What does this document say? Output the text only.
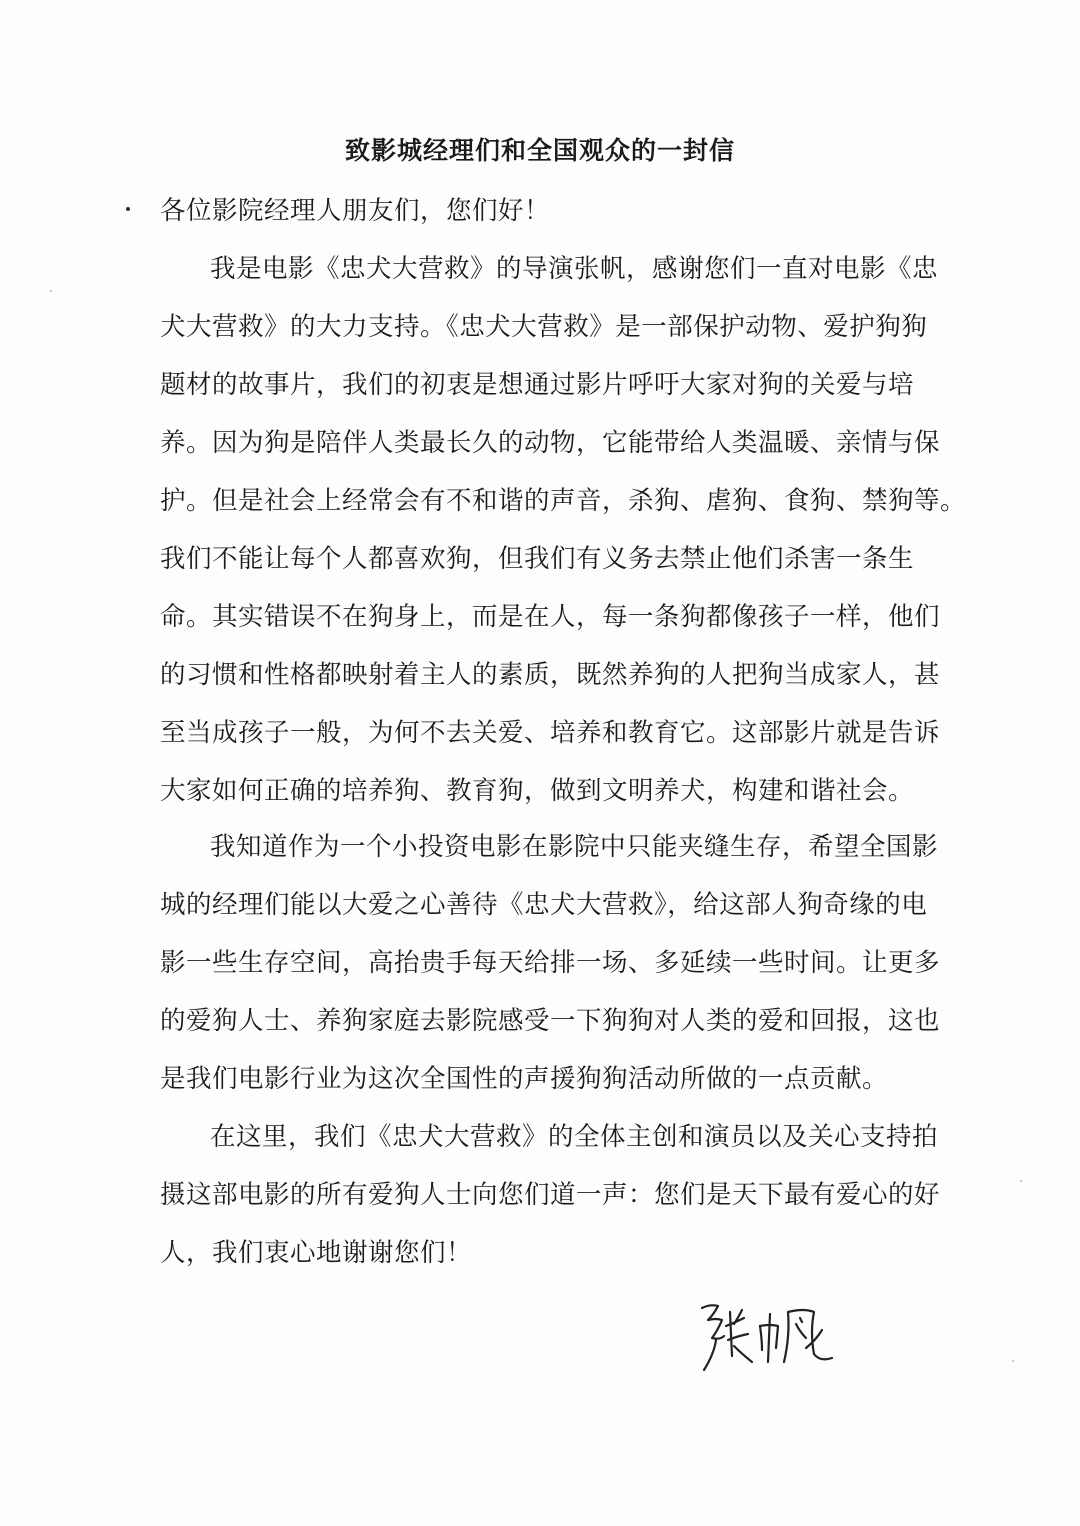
致影城经理们和全国观众的一封信
各位影院经理人朋友们，您们好！
我是电影《忠犬大营救》的导演张帆，感谢您们一直对电影《忠
犬大营救》的大力支持。《忠犬大营救》是一部保护动物、爱护狗狗
题材的故事片，我们的初衷是想通过影片呼吁大家对狗的关爱与培
养。因为狗是陪伴人类最长久的动物，它能带给人类温暖、亲情与保
护。但是社会上经常会有不和谐的声音，杀狗、虐狗、食狗、禁狗等。
我们不能让每个人都喜欢狗，但我们有义务去禁止他们杀害一条生
命。其实错误不在狗身上，而是在人，每一条狗都像孩子一样，他们
的习惯和性格都映射着主人的素质，既然养狗的人把狗当成家人，甚
至当成孩子一般，为何不去关爱、培养和教育它。这部影片就是告诉
大家如何正确的培养狗、教育狗，做到文明养犬，构建和谐社会。
我知道作为一个小投资电影在影院中只能夹缝生存，希望全国影
城的经理们能以大爱之心善待《忠犬大营救》，给这部人狗奇缘的电
影一些生存空间，高抬贵手每天给排一场、多延续一些时间。让更多
的爱狗人士、养狗家庭去影院感受一下狗狗对人类的爱和回报，这也
是我们电影行业为这次全国性的声援狗狗活动所做的一点贡献。
在这里，我们《忠犬大营救》的全体主创和演员以及关心支持拍
摄这部电影的所有爱狗人士向您们道一声：您们是天下最有爱心的好
人，我们衷心地谢谢您们！
